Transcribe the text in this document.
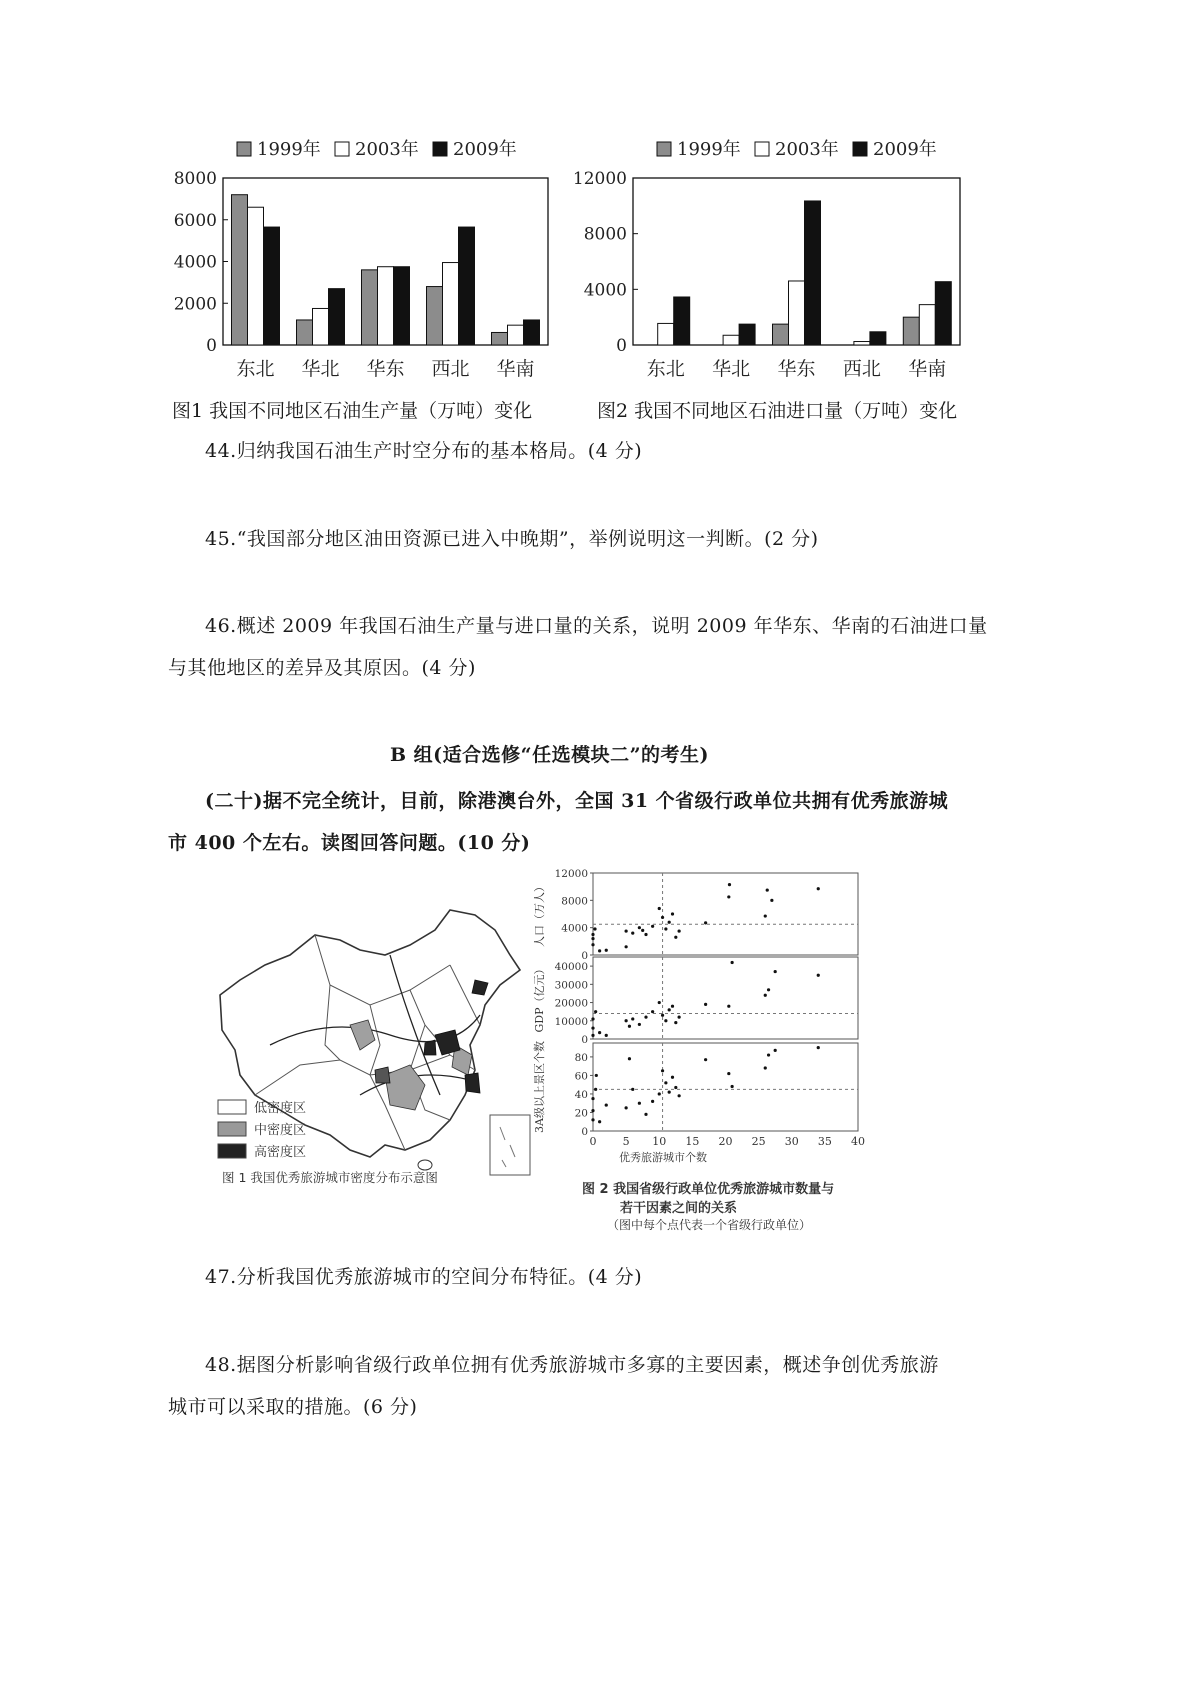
1999年 2003年 2009年
8000
6000
4000
2000
0
东北 华北 华东 西北 华南
图1 我国不同地区石油生产量（万吨）变化
1999年 2003年 2009年
12000
8000
4000
0
东北 华北 华东 西北 华南
图2 我国不同地区石油进口量（万吨）变化
44.归纳我国石油生产时空分布的基本格局。(4 分)
45.“我国部分地区油田资源已进入中晚期”，举例说明这一判断。(2 分)
46.概述 2009 年我国石油生产量与进口量的关系，说明 2009 年华东、华南的石油进口量
与其他地区的差异及其原因。(4 分)
B 组(适合选修“任选模块二”的考生)
(二十)据不完全统计，目前，除港澳台外，全国 31 个省级行政单位共拥有优秀旅游城
市 400 个左右。读图回答问题。(10 分)
低密度区
中密度区
高密度区
图 1 我国优秀旅游城市密度分布示意图
12000
8000
4000
0
人口（万人）
40000
30000
20000
10000
0
GDP（亿元）
80
60
40
20
0
3A级以上景区个数
0 5 10 15 20 25 30 35 40
优秀旅游城市个数
图 2 我国省级行政单位优秀旅游城市数量与
若干因素之间的关系
（图中每个点代表一个省级行政单位）
47.分析我国优秀旅游城市的空间分布特征。(4 分)
48.据图分析影响省级行政单位拥有优秀旅游城市多寡的主要因素，概述争创优秀旅游
城市可以采取的措施。(6 分)
